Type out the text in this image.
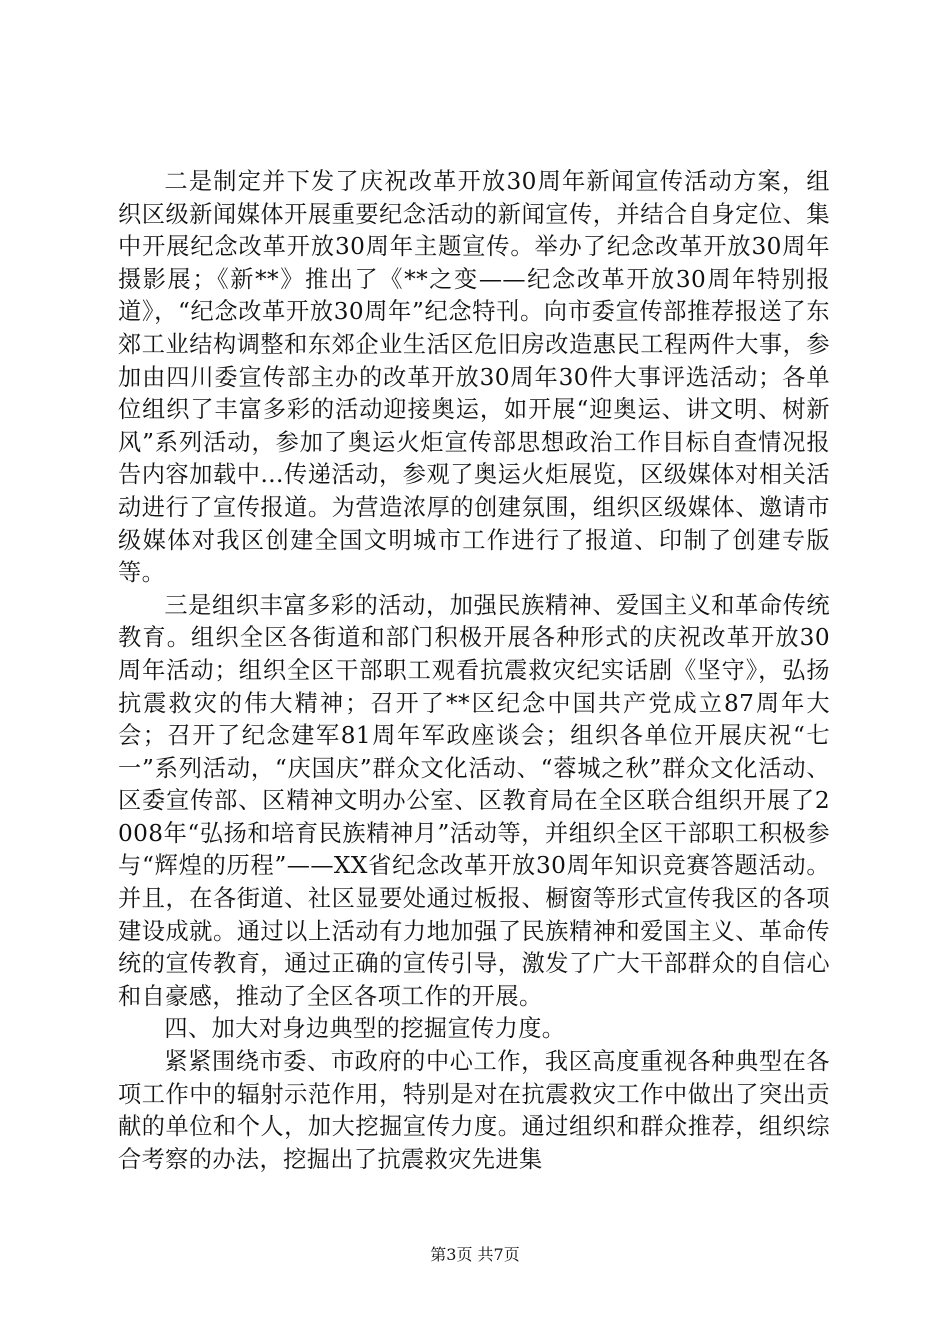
二是制定并下发了庆祝改革开放30周年新闻宣传活动方案，组织区级新闻媒体开展重要纪念活动的新闻宣传，并结合自身定位、集中开展纪念改革开放30周年主题宣传。举办了纪念改革开放30周年摄影展；《新**》推出了《**之变——纪念改革开放30周年特别报道》，“纪念改革开放30周年”纪念特刊。向市委宣传部推荐报送了东郊工业结构调整和东郊企业生活区危旧房改造惠民工程两件大事，参加由四川委宣传部主办的改革开放30周年30件大事评选活动；各单位组织了丰富多彩的活动迎接奥运，如开展“迎奥运、讲文明、树新风”系列活动，参加了奥运火炬宣传部思想政治工作目标自查情况报告内容加载中...传递活动，参观了奥运火炬展览，区级媒体对相关活动进行了宣传报道。为营造浓厚的创建氛围，组织区级媒体、邀请市级媒体对我区创建全国文明城市工作进行了报道、印制了创建专版等。

三是组织丰富多彩的活动，加强民族精神、爱国主义和革命传统教育。组织全区各街道和部门积极开展各种形式的庆祝改革开放30周年活动；组织全区干部职工观看抗震救灾纪实话剧《坚守》，弘扬抗震救灾的伟大精神；召开了**区纪念中国共产党成立87周年大会；召开了纪念建军81周年军政座谈会；组织各单位开展庆祝“七一”系列活动，“庆国庆”群众文化活动、“蓉城之秋”群众文化活动、区委宣传部、区精神文明办公室、区教育局在全区联合组织开展了2008年“弘扬和培育民族精神月”活动等，并组织全区干部职工积极参与“辉煌的历程”——XX省纪念改革开放30周年知识竞赛答题活动。并且，在各街道、社区显要处通过板报、橱窗等形式宣传我区的各项建设成就。通过以上活动有力地加强了民族精神和爱国主义、革命传统的宣传教育，通过正确的宣传引导，激发了广大干部群众的自信心和自豪感，推动了全区各项工作的开展。

四、加大对身边典型的挖掘宣传力度。

紧紧围绕市委、市政府的中心工作，我区高度重视各种典型在各项工作中的辐射示范作用，特别是对在抗震救灾工作中做出了突出贡献的单位和个人，加大挖掘宣传力度。通过组织和群众推荐，组织综合考察的办法，挖掘出了抗震救灾先进集

第3页 共7页
